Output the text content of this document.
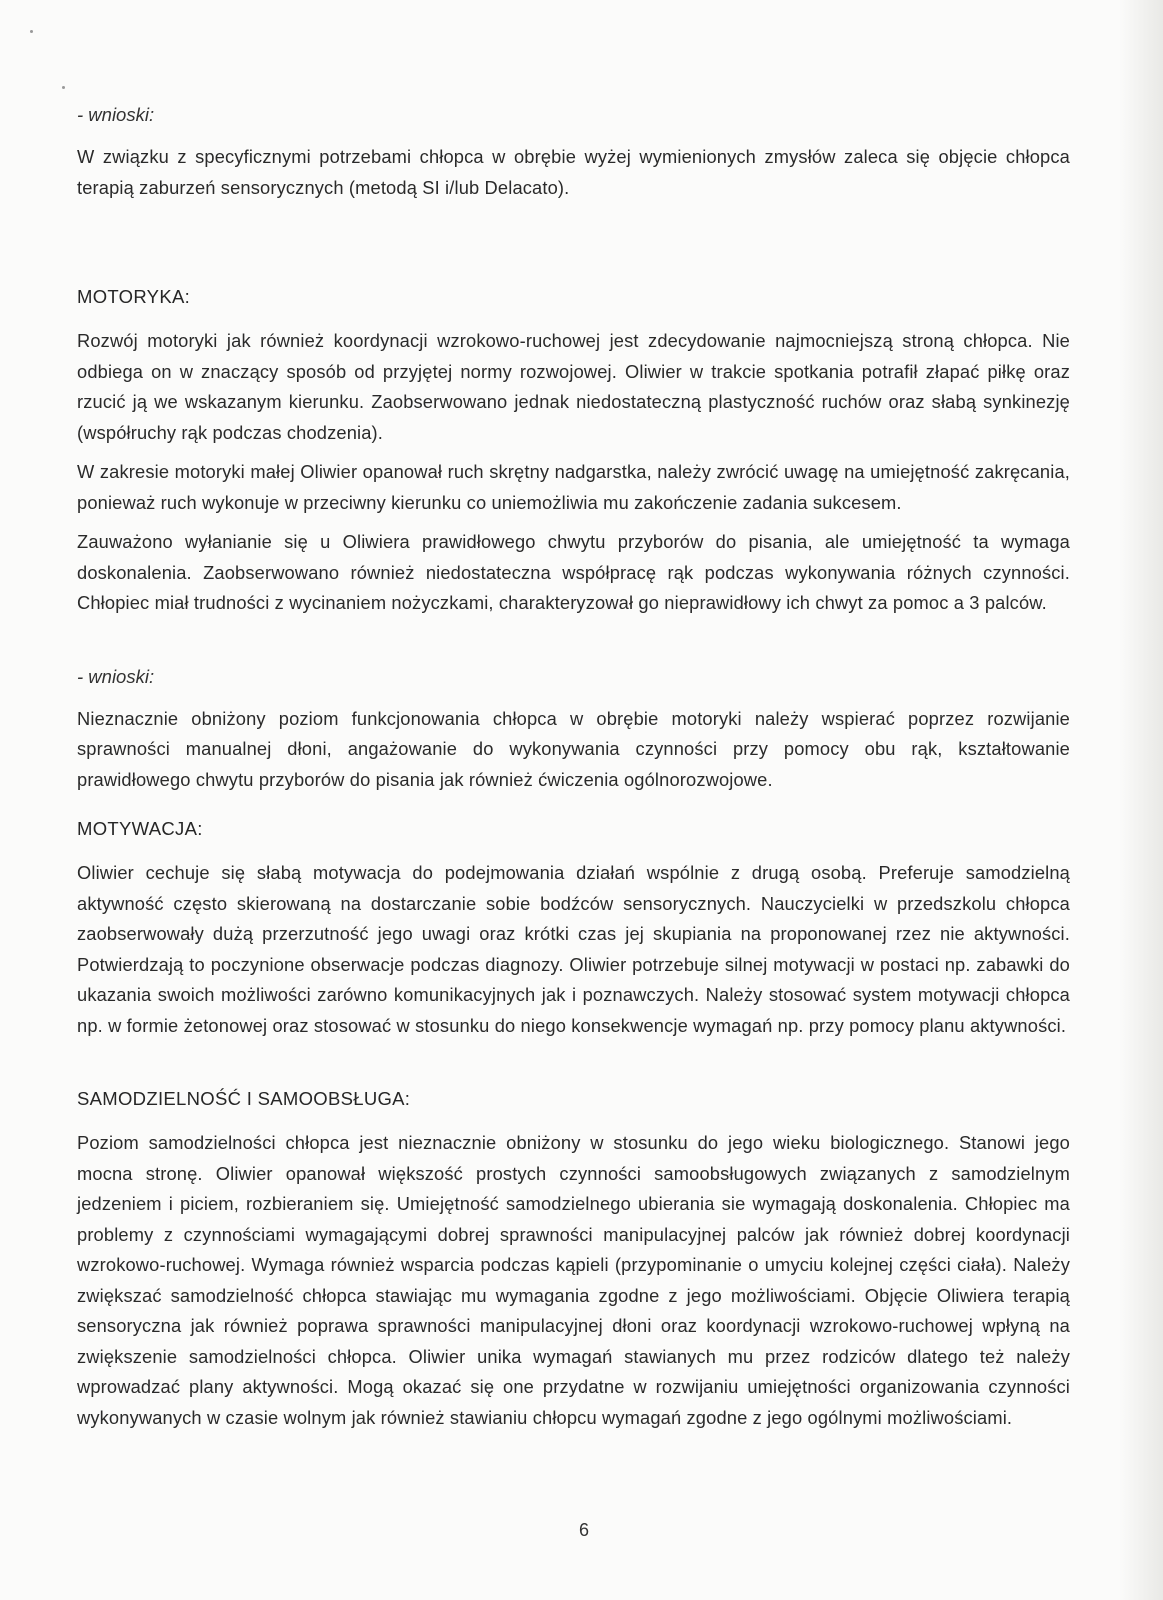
- wnioski:

W związku z specyficznymi potrzebami chłopca w obrębie wyżej wymienionych zmysłów zaleca się objęcie chłopca terapią zaburzeń sensorycznych (metodą SI i/lub Delacato).

MOTORYKA:

Rozwój motoryki jak również koordynacji wzrokowo-ruchowej jest zdecydowanie najmocniejszą stroną chłopca. Nie odbiega on w znaczący sposób od przyjętej normy rozwojowej. Oliwier w trakcie spotkania potrafił złapać piłkę oraz rzucić ją we wskazanym kierunku. Zaobserwowano jednak niedostateczną plastyczność ruchów oraz słabą synkinezję (współruchy rąk podczas chodzenia).

W zakresie motoryki małej Oliwier opanował ruch skrętny nadgarstka, należy zwrócić uwagę na umiejętność zakręcania, ponieważ ruch wykonuje w przeciwny kierunku co uniemożliwia mu zakończenie zadania sukcesem.

Zauważono wyłanianie się u Oliwiera prawidłowego chwytu przyborów do pisania, ale umiejętność ta wymaga doskonalenia. Zaobserwowano również niedostateczna współpracę rąk podczas wykonywania różnych czynności. Chłopiec miał trudności z wycinaniem nożyczkami, charakteryzował go nieprawidłowy ich chwyt za pomoc a 3 palców.

- wnioski:

Nieznacznie obniżony poziom funkcjonowania chłopca w obrębie motoryki należy wspierać poprzez rozwijanie sprawności manualnej dłoni, angażowanie do wykonywania czynności przy pomocy obu rąk, kształtowanie prawidłowego chwytu przyborów do pisania jak również ćwiczenia ogólnorozwojowe.

MOTYWACJA:

Oliwier cechuje się słabą motywacja do podejmowania działań wspólnie z drugą osobą. Preferuje samodzielną aktywność często skierowaną na dostarczanie sobie bodźców sensorycznych. Nauczycielki w przedszkolu chłopca zaobserwowały dużą przerzutność jego uwagi oraz krótki czas jej skupiania na proponowanej rzez nie aktywności. Potwierdzają to poczynione obserwacje podczas diagnozy. Oliwier potrzebuje silnej motywacji w postaci np. zabawki do ukazania swoich możliwości zarówno komunikacyjnych jak i poznawczych. Należy stosować system motywacji chłopca np. w formie żetonowej oraz stosować w stosunku do niego konsekwencje wymagań np. przy pomocy planu aktywności.

SAMODZIELNOŚĆ I SAMOOBSŁUGA:

Poziom samodzielności chłopca jest nieznacznie obniżony w stosunku do jego wieku biologicznego. Stanowi jego mocna stronę. Oliwier opanował większość prostych czynności samoobsługowych związanych z samodzielnym jedzeniem i piciem, rozbieraniem się. Umiejętność samodzielnego ubierania sie wymagają doskonalenia. Chłopiec ma problemy z czynnościami wymagającymi dobrej sprawności manipulacyjnej palców jak również dobrej koordynacji wzrokowo-ruchowej. Wymaga również wsparcia podczas kąpieli (przypominanie o umyciu kolejnej części ciała). Należy zwiększać samodzielność chłopca stawiając mu wymagania zgodne z jego możliwościami. Objęcie Oliwiera terapią sensoryczna jak również poprawa sprawności manipulacyjnej dłoni oraz koordynacji wzrokowo-ruchowej wpłyną na zwiększenie samodzielności chłopca. Oliwier unika wymagań stawianych mu przez rodziców dlatego też należy wprowadzać plany aktywności. Mogą okazać się one przydatne w rozwijaniu umiejętności organizowania czynności wykonywanych w czasie wolnym jak również stawianiu chłopcu wymagań zgodne z jego ogólnymi możliwościami.

6
